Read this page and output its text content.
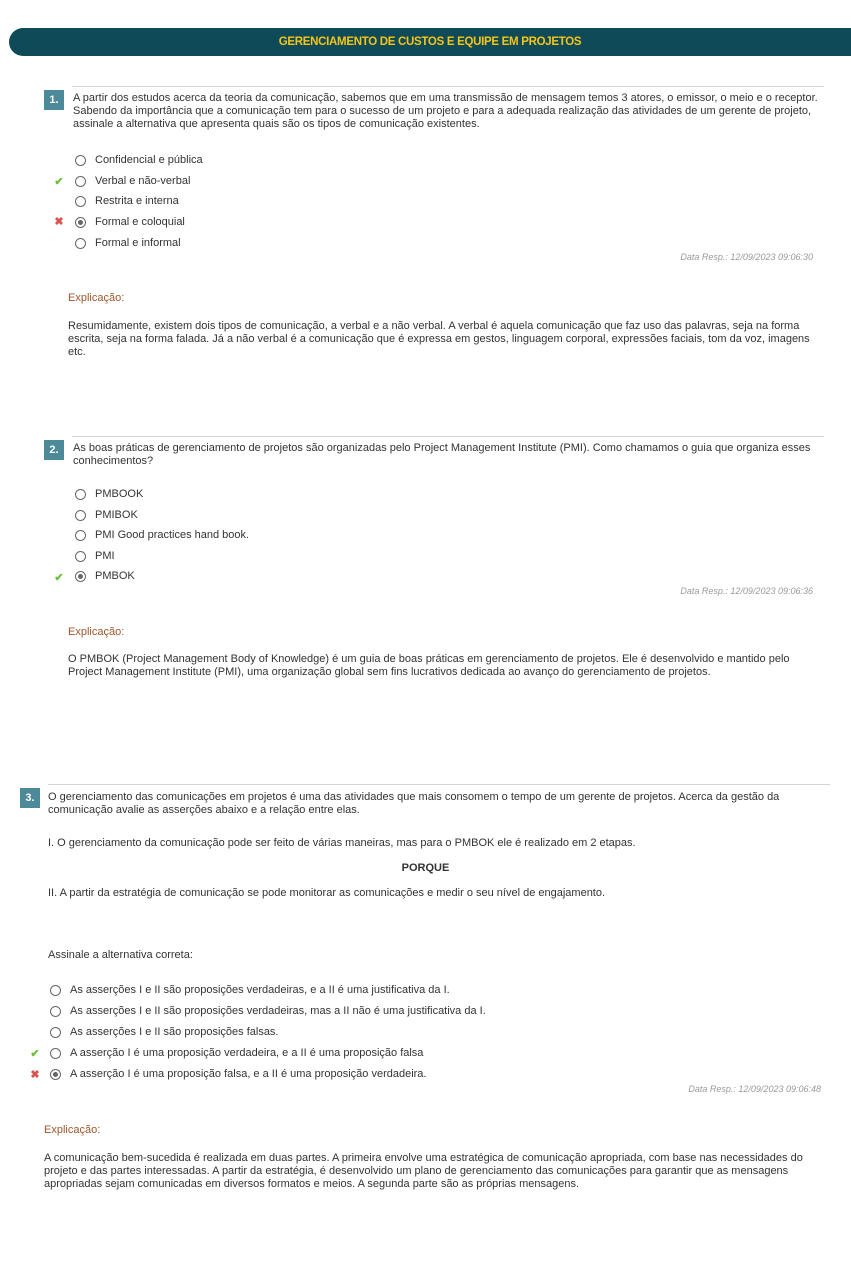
GERENCIAMENTO DE CUSTOS E EQUIPE EM PROJETOS
1.	A partir dos estudos acerca da teoria da comunicação, sabemos que em uma transmissão de mensagem temos 3 atores, o emissor, o meio e o receptor. Sabendo da importância que a comunicação tem para o sucesso de um projeto e para a adequada realização das atividades de um gerente de projeto, assinale a alternativa que apresenta quais são os tipos de comunicação existentes.
Confidencial e pública
✔	Verbal e não-verbal
Restrita e interna
✖	Formal e coloquial
Formal e informal
Data Resp.: 12/09/2023 09:06:30
Explicação:
Resumidamente, existem dois tipos de comunicação, a verbal e a não verbal. A verbal é aquela comunicação que faz uso das palavras, seja na forma escrita, seja na forma falada. Já a não verbal é a comunicação que é expressa em gestos, linguagem corporal, expressões faciais, tom da voz, imagens etc.
2.	As boas práticas de gerenciamento de projetos são organizadas pelo Project Management Institute (PMI). Como chamamos o guia que organiza esses conhecimentos?
PMBOOK
PMIBOK
PMI Good practices hand book.
PMI
✔	PMBOK
Data Resp.: 12/09/2023 09:06:36
Explicação:
O PMBOK (Project Management Body of Knowledge) é um guia de boas práticas em gerenciamento de projetos. Ele é desenvolvido e mantido pelo Project Management Institute (PMI), uma organização global sem fins lucrativos dedicada ao avanço do gerenciamento de projetos.
3.	O gerenciamento das comunicações em projetos é uma das atividades que mais consomem o tempo de um gerente de projetos. Acerca da gestão da comunicação avalie as asserções abaixo e a relação entre elas.
I. O gerenciamento da comunicação pode ser feito de várias maneiras, mas para o PMBOK ele é realizado em 2 etapas.
PORQUE
II. A partir da estratégia de comunicação se pode monitorar as comunicações e medir o seu nível de engajamento.
Assinale a alternativa correta:
As asserções I e II são proposições verdadeiras, e a II é uma justificativa da I.
As asserções I e II são proposições verdadeiras, mas a II não é uma justificativa da I.
As asserções I e II são proposições falsas.
✔	A asserção I é uma proposição verdadeira, e a II é uma proposição falsa
✖	A asserção I é uma proposição falsa, e a II é uma proposição verdadeira.
Data Resp.: 12/09/2023 09:06:48
Explicação:
A comunicação bem-sucedida é realizada em duas partes. A primeira envolve uma estratégica de comunicação apropriada, com base nas necessidades do projeto e das partes interessadas. A partir da estratégia, é desenvolvido um plano de gerenciamento das comunicações para garantir que as mensagens apropriadas sejam comunicadas em diversos formatos e meios. A segunda parte são as próprias mensagens.
